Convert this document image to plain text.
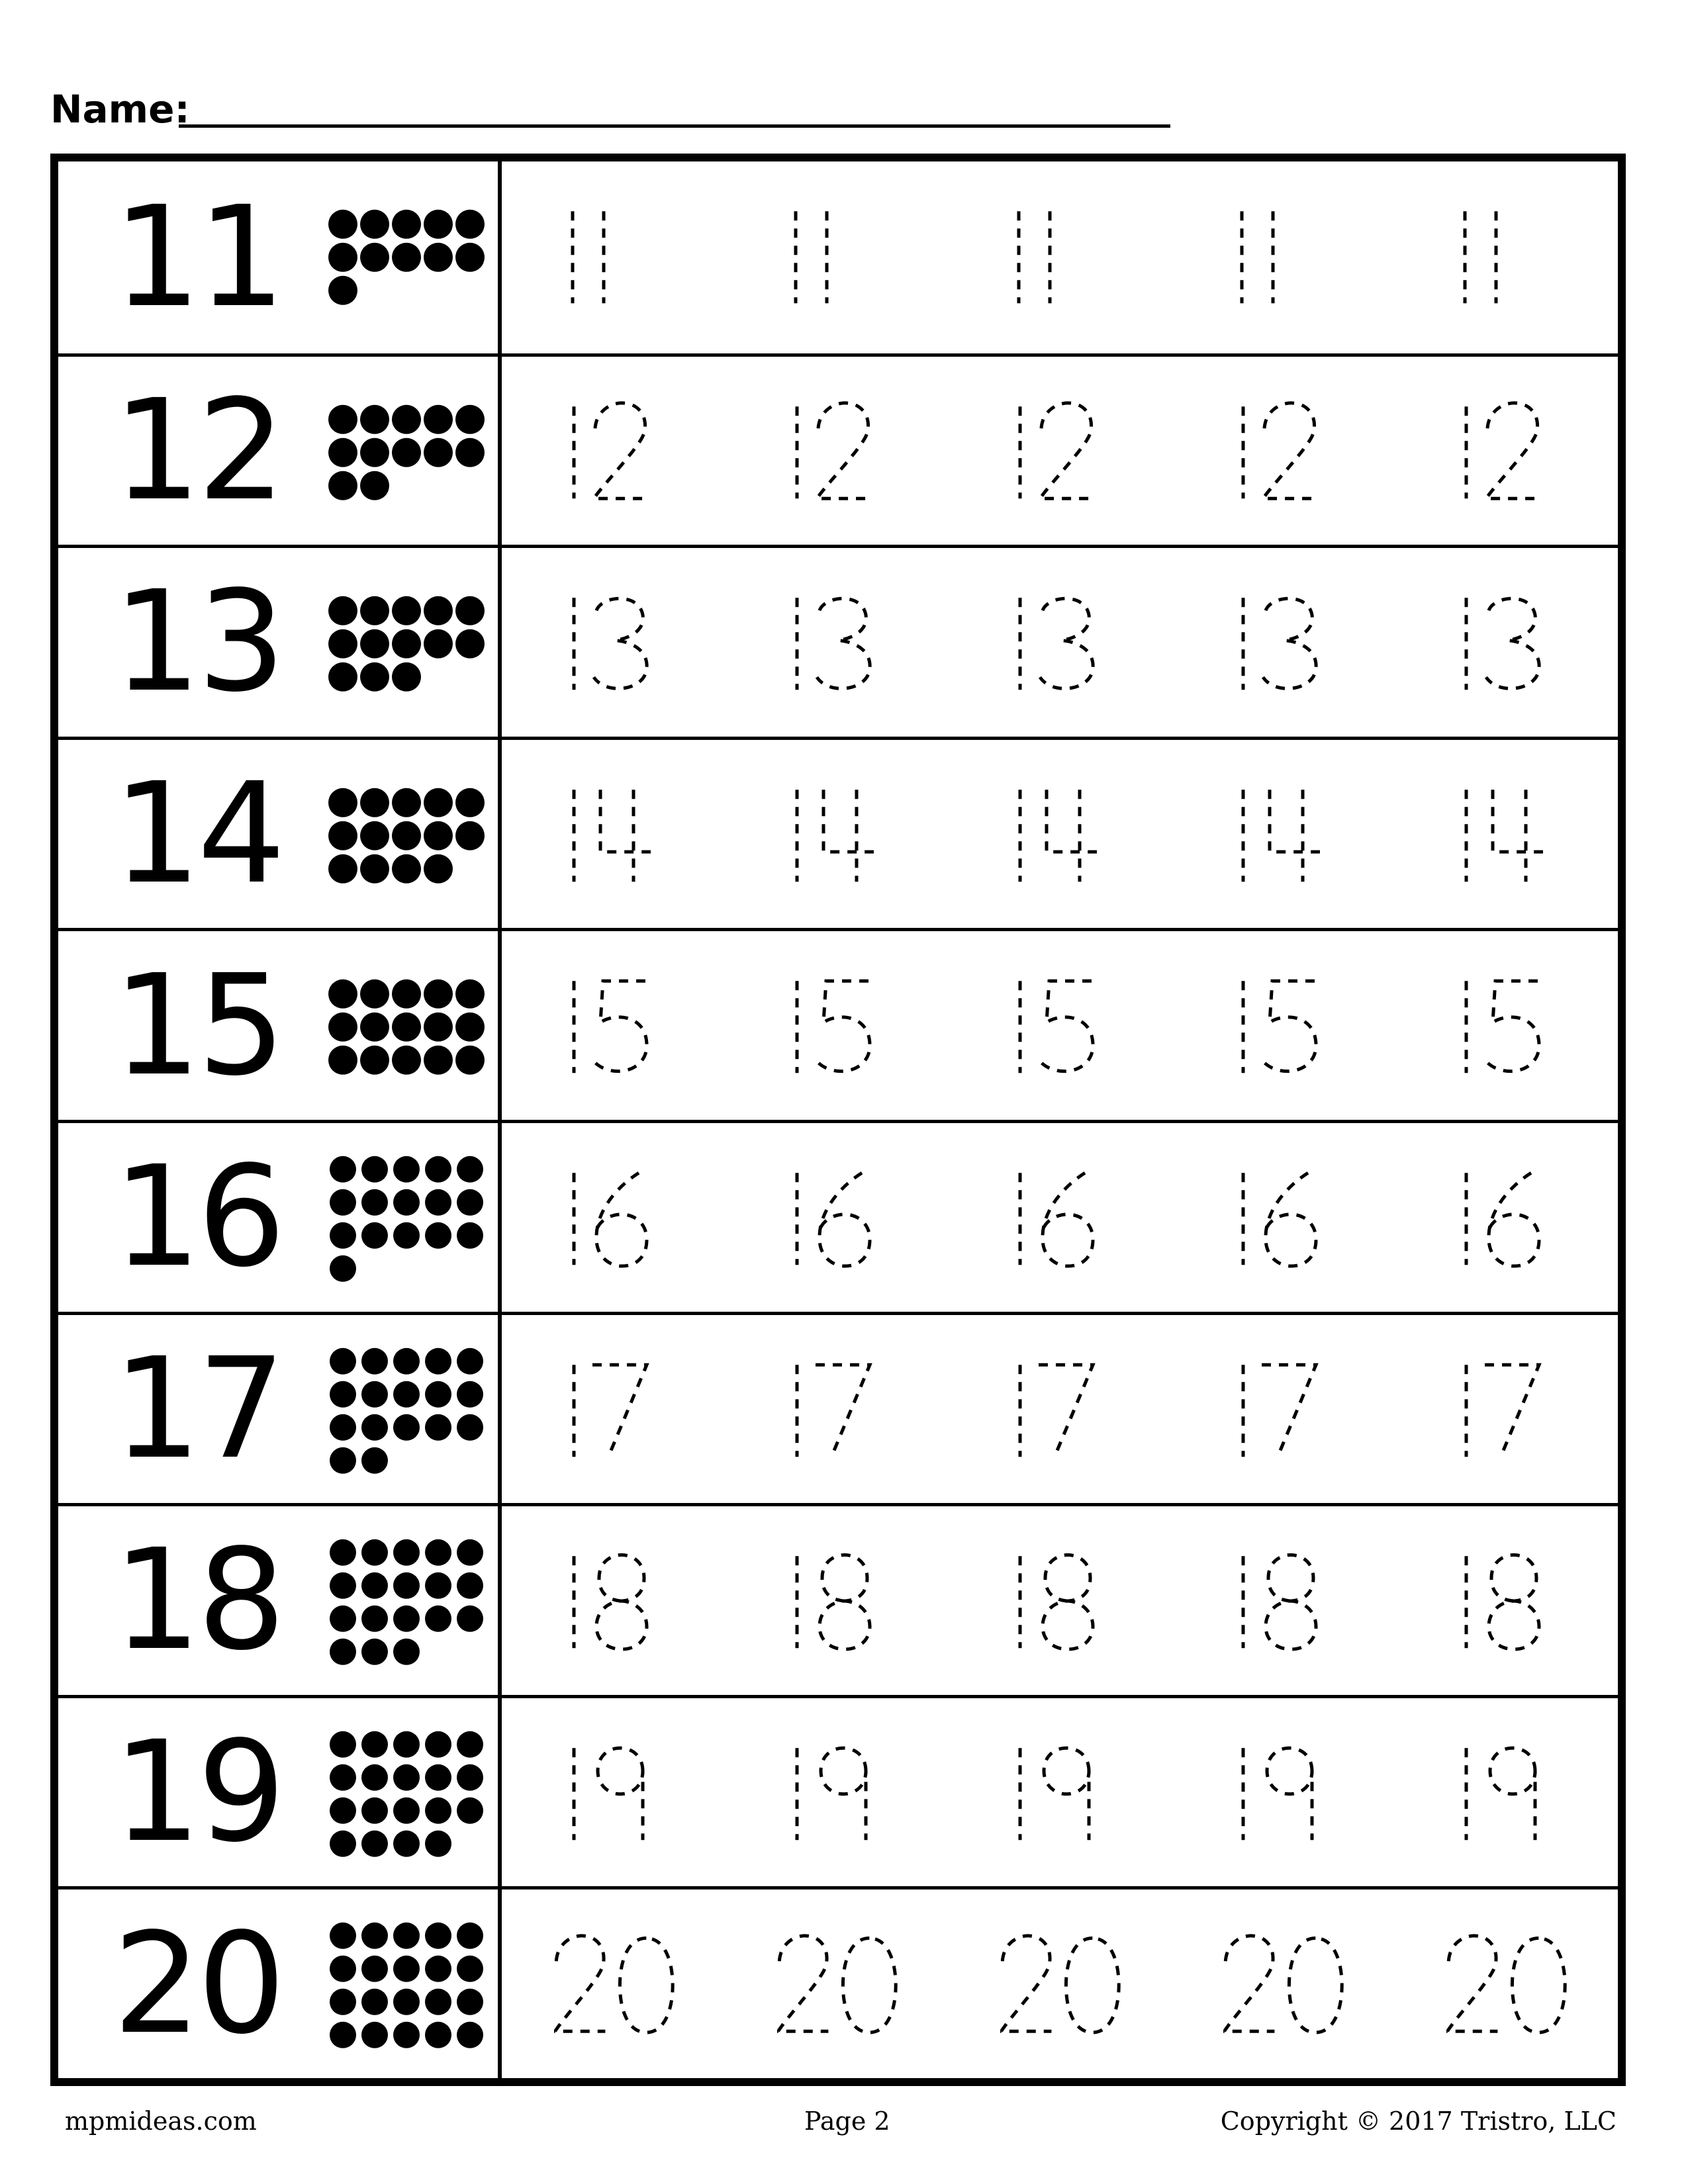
Name:
11
12
13
14
15
16
17
18
19
20
mpmideas.com	Page 2	Copyright © 2017 Tristro, LLC
